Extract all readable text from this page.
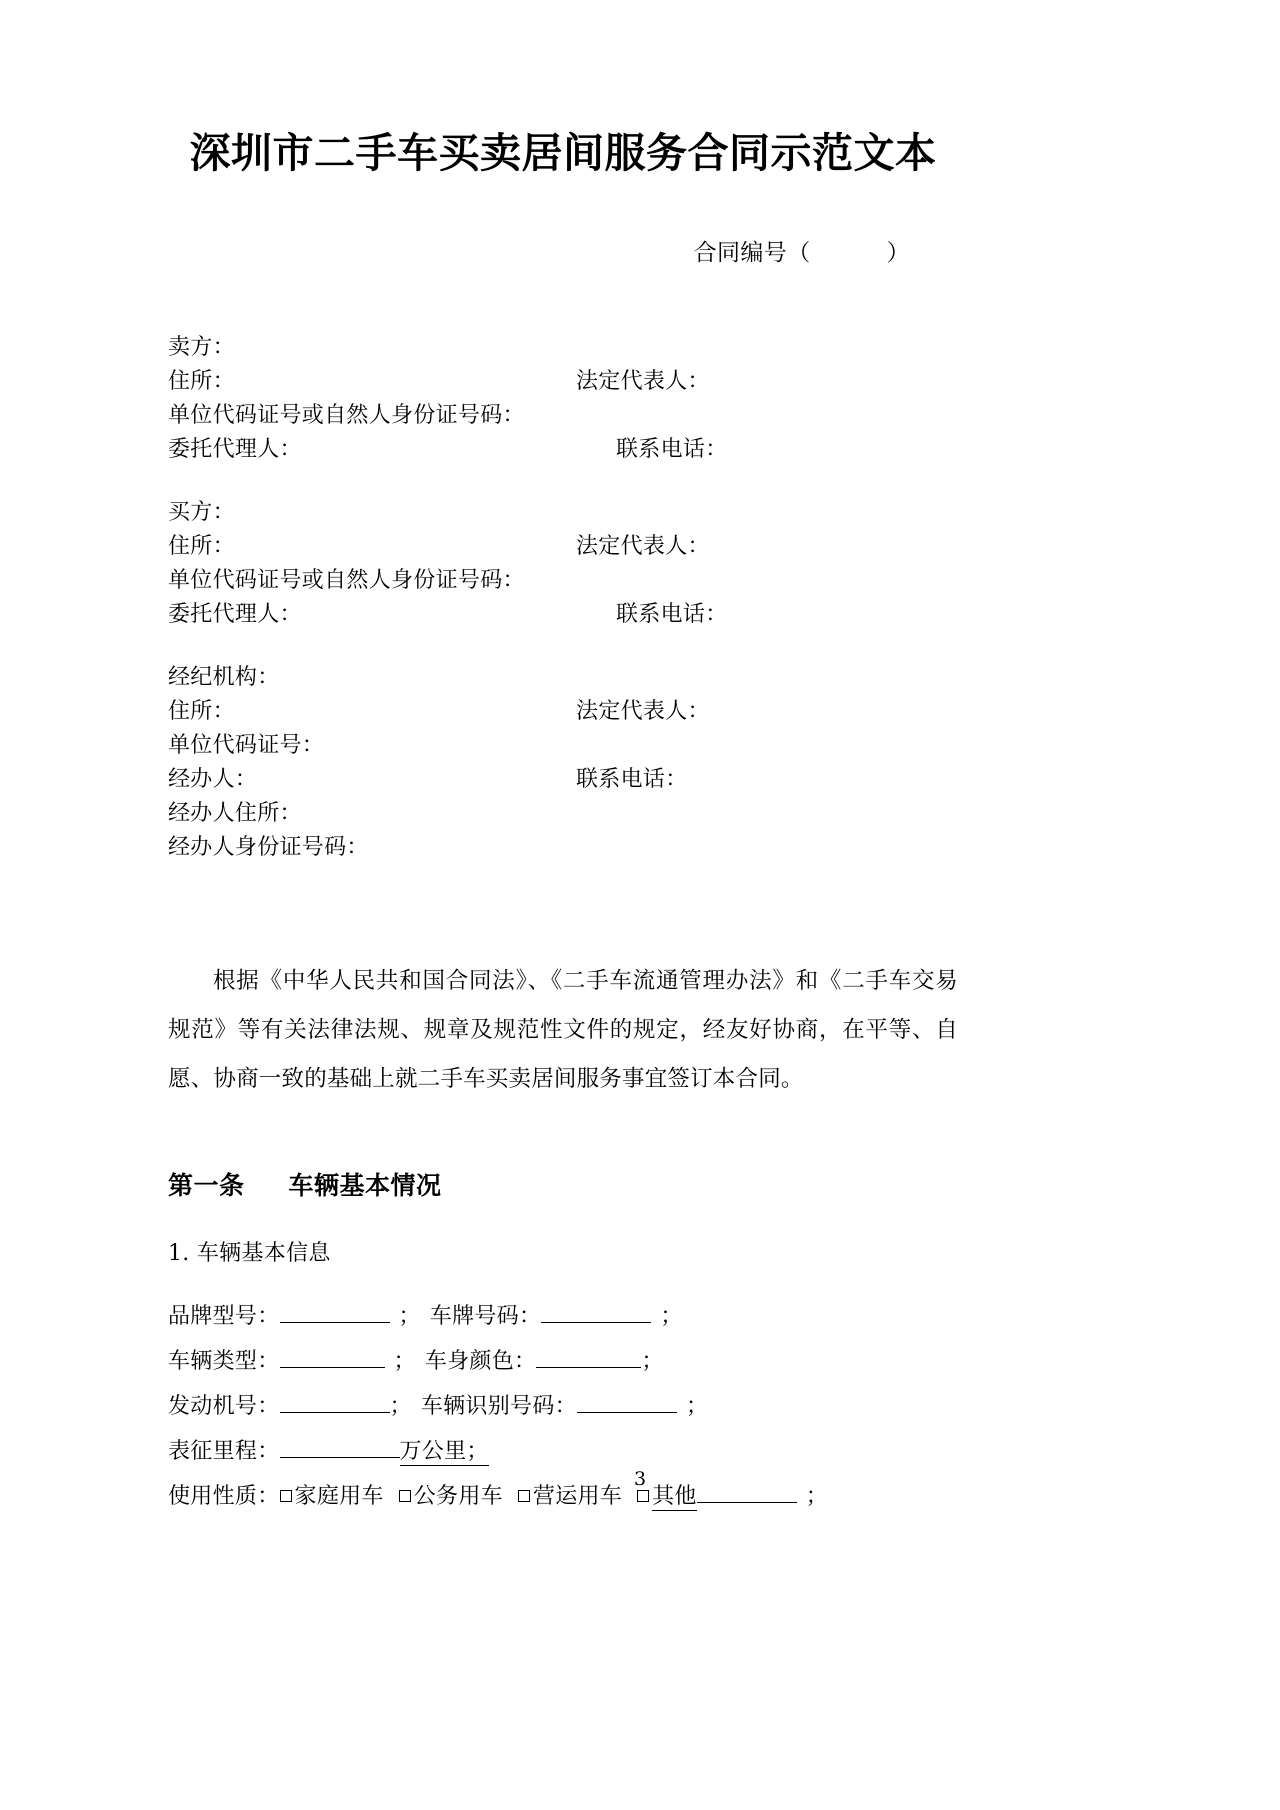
深圳市二手车买卖居间服务合同示范文本
合同编号（	）
卖方：
住所：	法定代表人：
单位代码证号或自然人身份证号码：
委托代理人：	联系电话：
买方：
住所：	法定代表人：
单位代码证号或自然人身份证号码：
委托代理人：	联系电话：
经纪机构：
住所：	法定代表人：
单位代码证号：
经办人：	联系电话：
经办人住所：
经办人身份证号码：

根据《中华人民共和国合同法》、《二手车流通管理办法》和《二手车交易规范》等有关法律法规、规章及规范性文件的规定，经友好协商，在平等、自愿、协商一致的基础上就二手车买卖居间服务事宜签订本合同。

第一条 车辆基本情况
1. 车辆基本信息
品牌型号：	； 车牌号码：	；
车辆类型：	； 车身颜色：	；
发动机号：	； 车辆识别号码：	；
表征里程：	万公里；
使用性质： 家庭用车 公务用车 营运用车 其他	；
3
